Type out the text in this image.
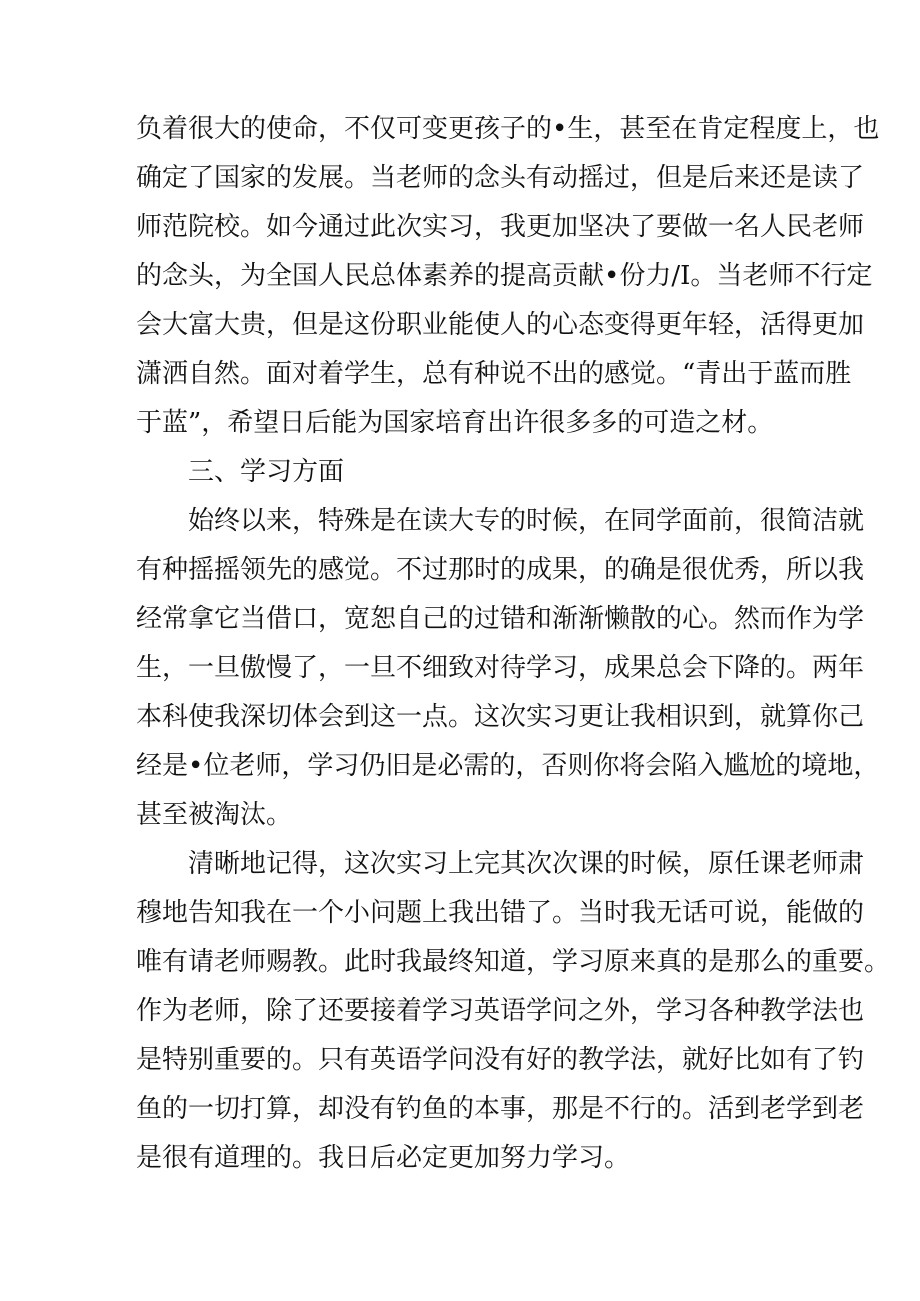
负着很大的使命，不仅可变更孩子的•生，甚至在肯定程度上，也
确定了国家的发展。当老师的念头有动摇过，但是后来还是读了
师范院校。如今通过此次实习，我更加坚决了要做一名人民老师
的念头，为全国人民总体素养的提高贡献•份力/I。当老师不行定
会大富大贵，但是这份职业能使人的心态变得更年轻，活得更加
潇洒自然。面对着学生，总有种说不出的感觉。“青出于蓝而胜
于蓝”，希望日后能为国家培育出许很多多的可造之材。
三、学习方面
始终以来，特殊是在读大专的时候，在同学面前，很简洁就
有种摇摇领先的感觉。不过那时的成果，的确是很优秀，所以我
经常拿它当借口，宽恕自己的过错和渐渐懒散的心。然而作为学
生，一旦傲慢了，一旦不细致对待学习，成果总会下降的。两年
本科使我深切体会到这一点。这次实习更让我相识到，就算你己
经是•位老师，学习仍旧是必需的，否则你将会陷入尴尬的境地，
甚至被淘汰。
清晰地记得，这次实习上完其次次课的时候，原任课老师肃
穆地告知我在一个小问题上我出错了。当时我无话可说，能做的
唯有请老师赐教。此时我最终知道，学习原来真的是那么的重要。
作为老师，除了还要接着学习英语学问之外，学习各种教学法也
是特别重要的。只有英语学问没有好的教学法，就好比如有了钓
鱼的一切打算，却没有钓鱼的本事，那是不行的。活到老学到老
是很有道理的。我日后必定更加努力学习。
